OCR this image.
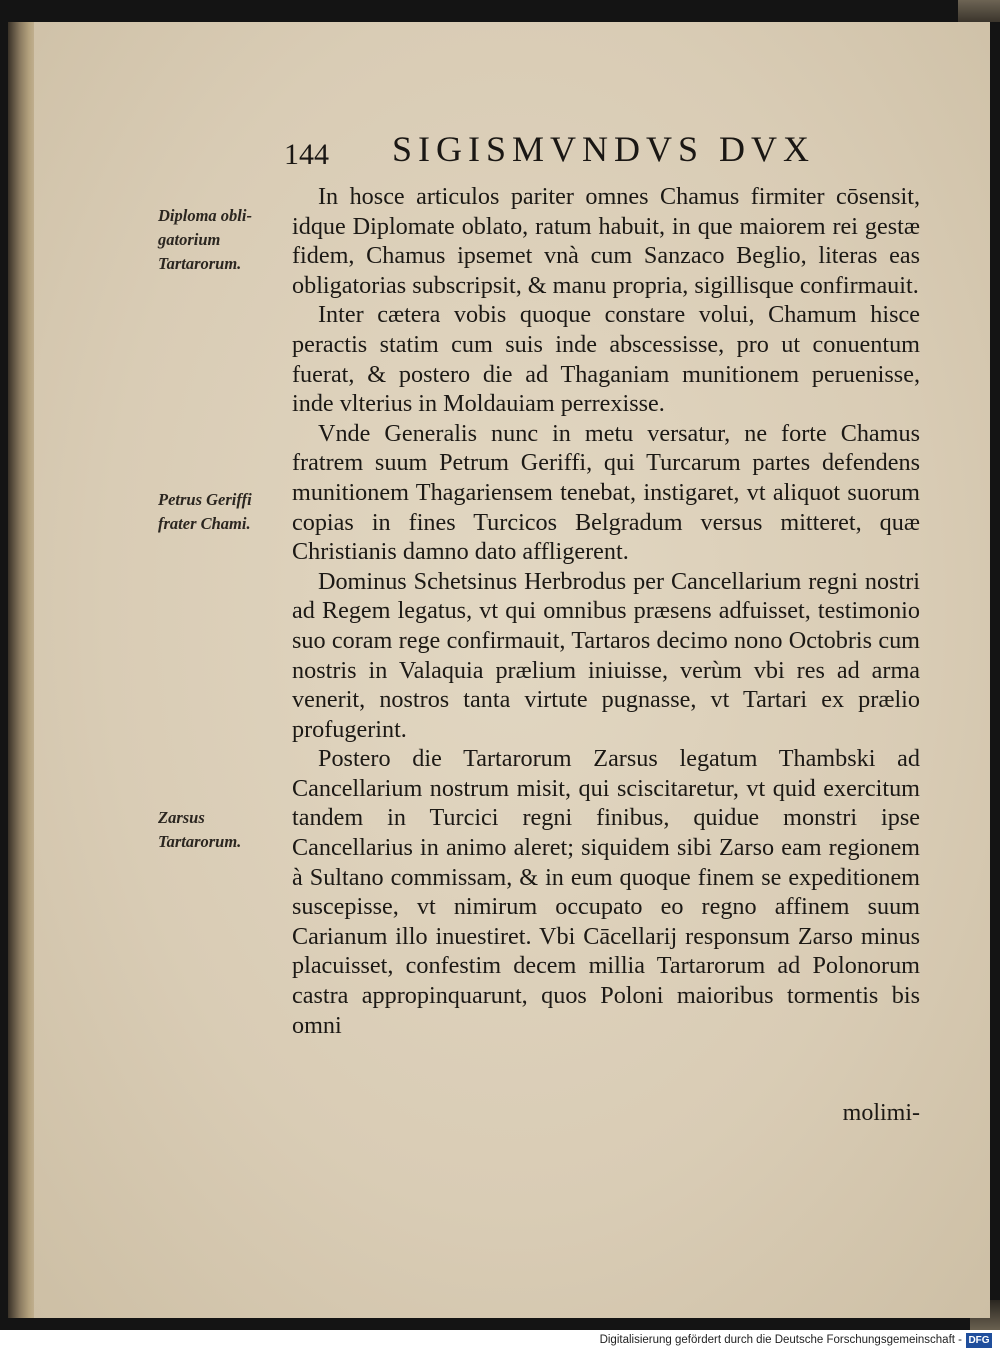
144 SIGISMVNDVS DVX
Diploma obli-gatorium Tartarorum.
Petrus Geriffi frater Chami.
Zarsus Tartarorum.

In hosce articulos pariter omnes Chamus firmiter cōsensit, idque Diplomate oblato, ratum habuit, in que maiorem rei gestæ fidem, Chamus ipsemet vnà cum Sanzaco Beglio, literas eas obligatorias subscripsit, & manu propria, sigillisque confirmauit.

Inter cætera vobis quoque constare volui, Chamum hisce peractis statim cum suis inde abscessisse, pro ut conuentum fuerat, & postero die ad Thaganiam munitionem peruenisse, inde vlterius in Moldauiam perrexisse.

Vnde Generalis nunc in metu versatur, ne forte Chamus fratrem suum Petrum Geriffi, qui Turcarum partes defendens munitionem Thagariensem tenebat, instigaret, vt aliquot suorum copias in fines Turcicos Belgradum versus mitteret, quæ Christianis damno dato affligerent.

Dominus Schetsinus Herbrodus per Cancellarium regni nostri ad Regem legatus, vt qui omnibus præsens adfuisset, testimonio suo coram rege confirmauit, Tartaros decimo nono Octobris cum nostris in Valaquia prælium iniuisse, verùm vbi res ad arma venerit, nostros tanta virtute pugnasse, vt Tartari ex prælio profugerint.

Postero die Tartarorum Zarsus legatum Thambski ad Cancellarium nostrum misit, qui sciscitaretur, vt quid exercitum tandem in Turcici regni finibus, quidue monstri ipse Cancellarius in animo aleret; siquidem sibi Zarso eam regionem à Sultano commissam, & in eum quoque finem se expeditionem suscepisse, vt nimirum occupato eo regno affinem suum Carianum illo inuestiret. Vbi Cācellarij responsum Zarso minus placuisset, confestim decem millia Tartarorum ad Polonorum castra appropinquarunt, quos Poloni maioribus tormentis bis omni

molimi-
Digitalisierung gefördert durch die Deutsche Forschungsgemeinschaft - DFG
